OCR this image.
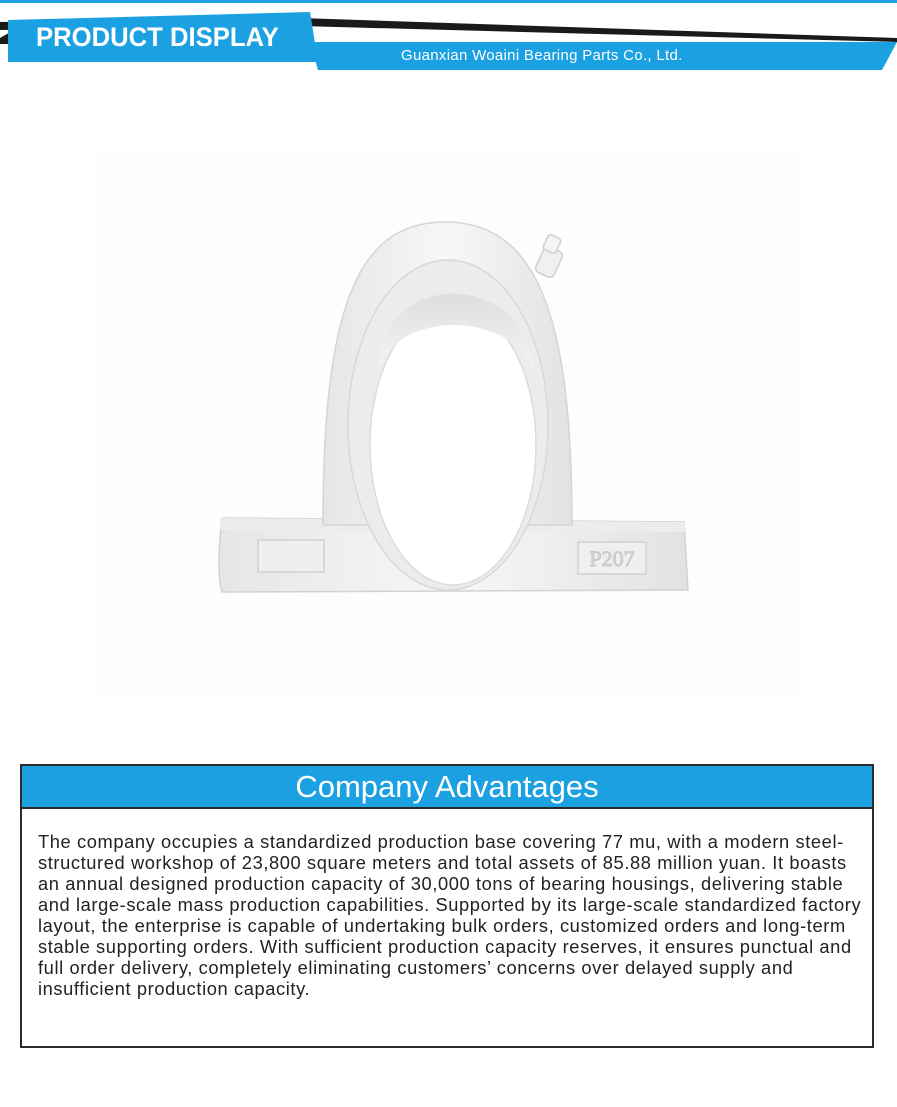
PRODUCT DISPLAY
Guanxian Woaini Bearing Parts Co., Ltd.
P207
Company Advantages
The company occupies a standardized production base covering 77 mu, with a modern steel-structured workshop of 23,800 square meters and total assets of 85.88 million yuan. It boasts an annual designed production capacity of 30,000 tons of bearing housings, delivering stable and large-scale mass production capabilities. Supported by its large-scale standardized factory layout, the enterprise is capable of undertaking bulk orders, customized orders and long-term stable supporting orders. With sufficient production capacity reserves, it ensures punctual and full order delivery, completely eliminating customers’ concerns over delayed supply and insufficient production capacity.
